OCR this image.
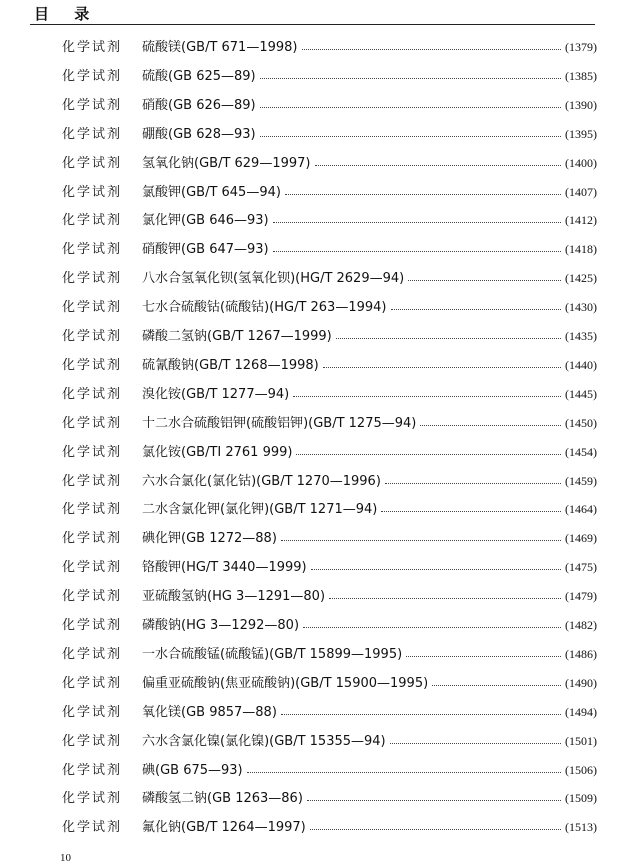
目 录
化学试剂 硫酸镁(GB/T 671—1998)	(1379)
化学试剂 硫酸(GB 625—89)	(1385)
化学试剂 硝酸(GB 626—89)	(1390)
化学试剂 硼酸(GB 628—93)	(1395)
化学试剂 氢氧化钠(GB/T 629—1997)	(1400)
化学试剂 氯酸钾(GB/T 645—94)	(1407)
化学试剂 氯化钾(GB 646—93)	(1412)
化学试剂 硝酸钾(GB 647—93)	(1418)
化学试剂 八水合氢氧化钡(氢氧化钡)(HG/T 2629—94)	(1425)
化学试剂 七水合硫酸钴(硫酸钴)(HG/T 263—1994)	(1430)
化学试剂 磷酸二氢钠(GB/T 1267—1999)	(1435)
化学试剂 硫氰酸钠(GB/T 1268—1998)	(1440)
化学试剂 溴化铵(GB/T 1277—94)	(1445)
化学试剂 十二水合硫酸铝钾(硫酸铝钾)(GB/T 1275—94)	(1450)
化学试剂 氯化铵(GB/TI 2761 999)	(1454)
化学试剂 六水合氯化(氯化钴)(GB/T 1270—1996)	(1459)
化学试剂 二水含氯化钾(氯化钾)(GB/T 1271—94)	(1464)
化学试剂 碘化钾(GB 1272—88)	(1469)
化学试剂 铬酸钾(HG/T 3440—1999)	(1475)
化学试剂 亚硫酸氢钠(HG 3—1291—80)	(1479)
化学试剂 磷酸钠(HG 3—1292—80)	(1482)
化学试剂 一水合硫酸锰(硫酸锰)(GB/T 15899—1995)	(1486)
化学试剂 偏重亚硫酸钠(焦亚硫酸钠)(GB/T 15900—1995)	(1490)
化学试剂 氧化镁(GB 9857—88)	(1494)
化学试剂 六水含氯化镍(氯化镍)(GB/T 15355—94)	(1501)
化学试剂 碘(GB 675—93)	(1506)
化学试剂 磷酸氢二钠(GB 1263—86)	(1509)
化学试剂 氟化钠(GB/T 1264—1997)	(1513)
10
